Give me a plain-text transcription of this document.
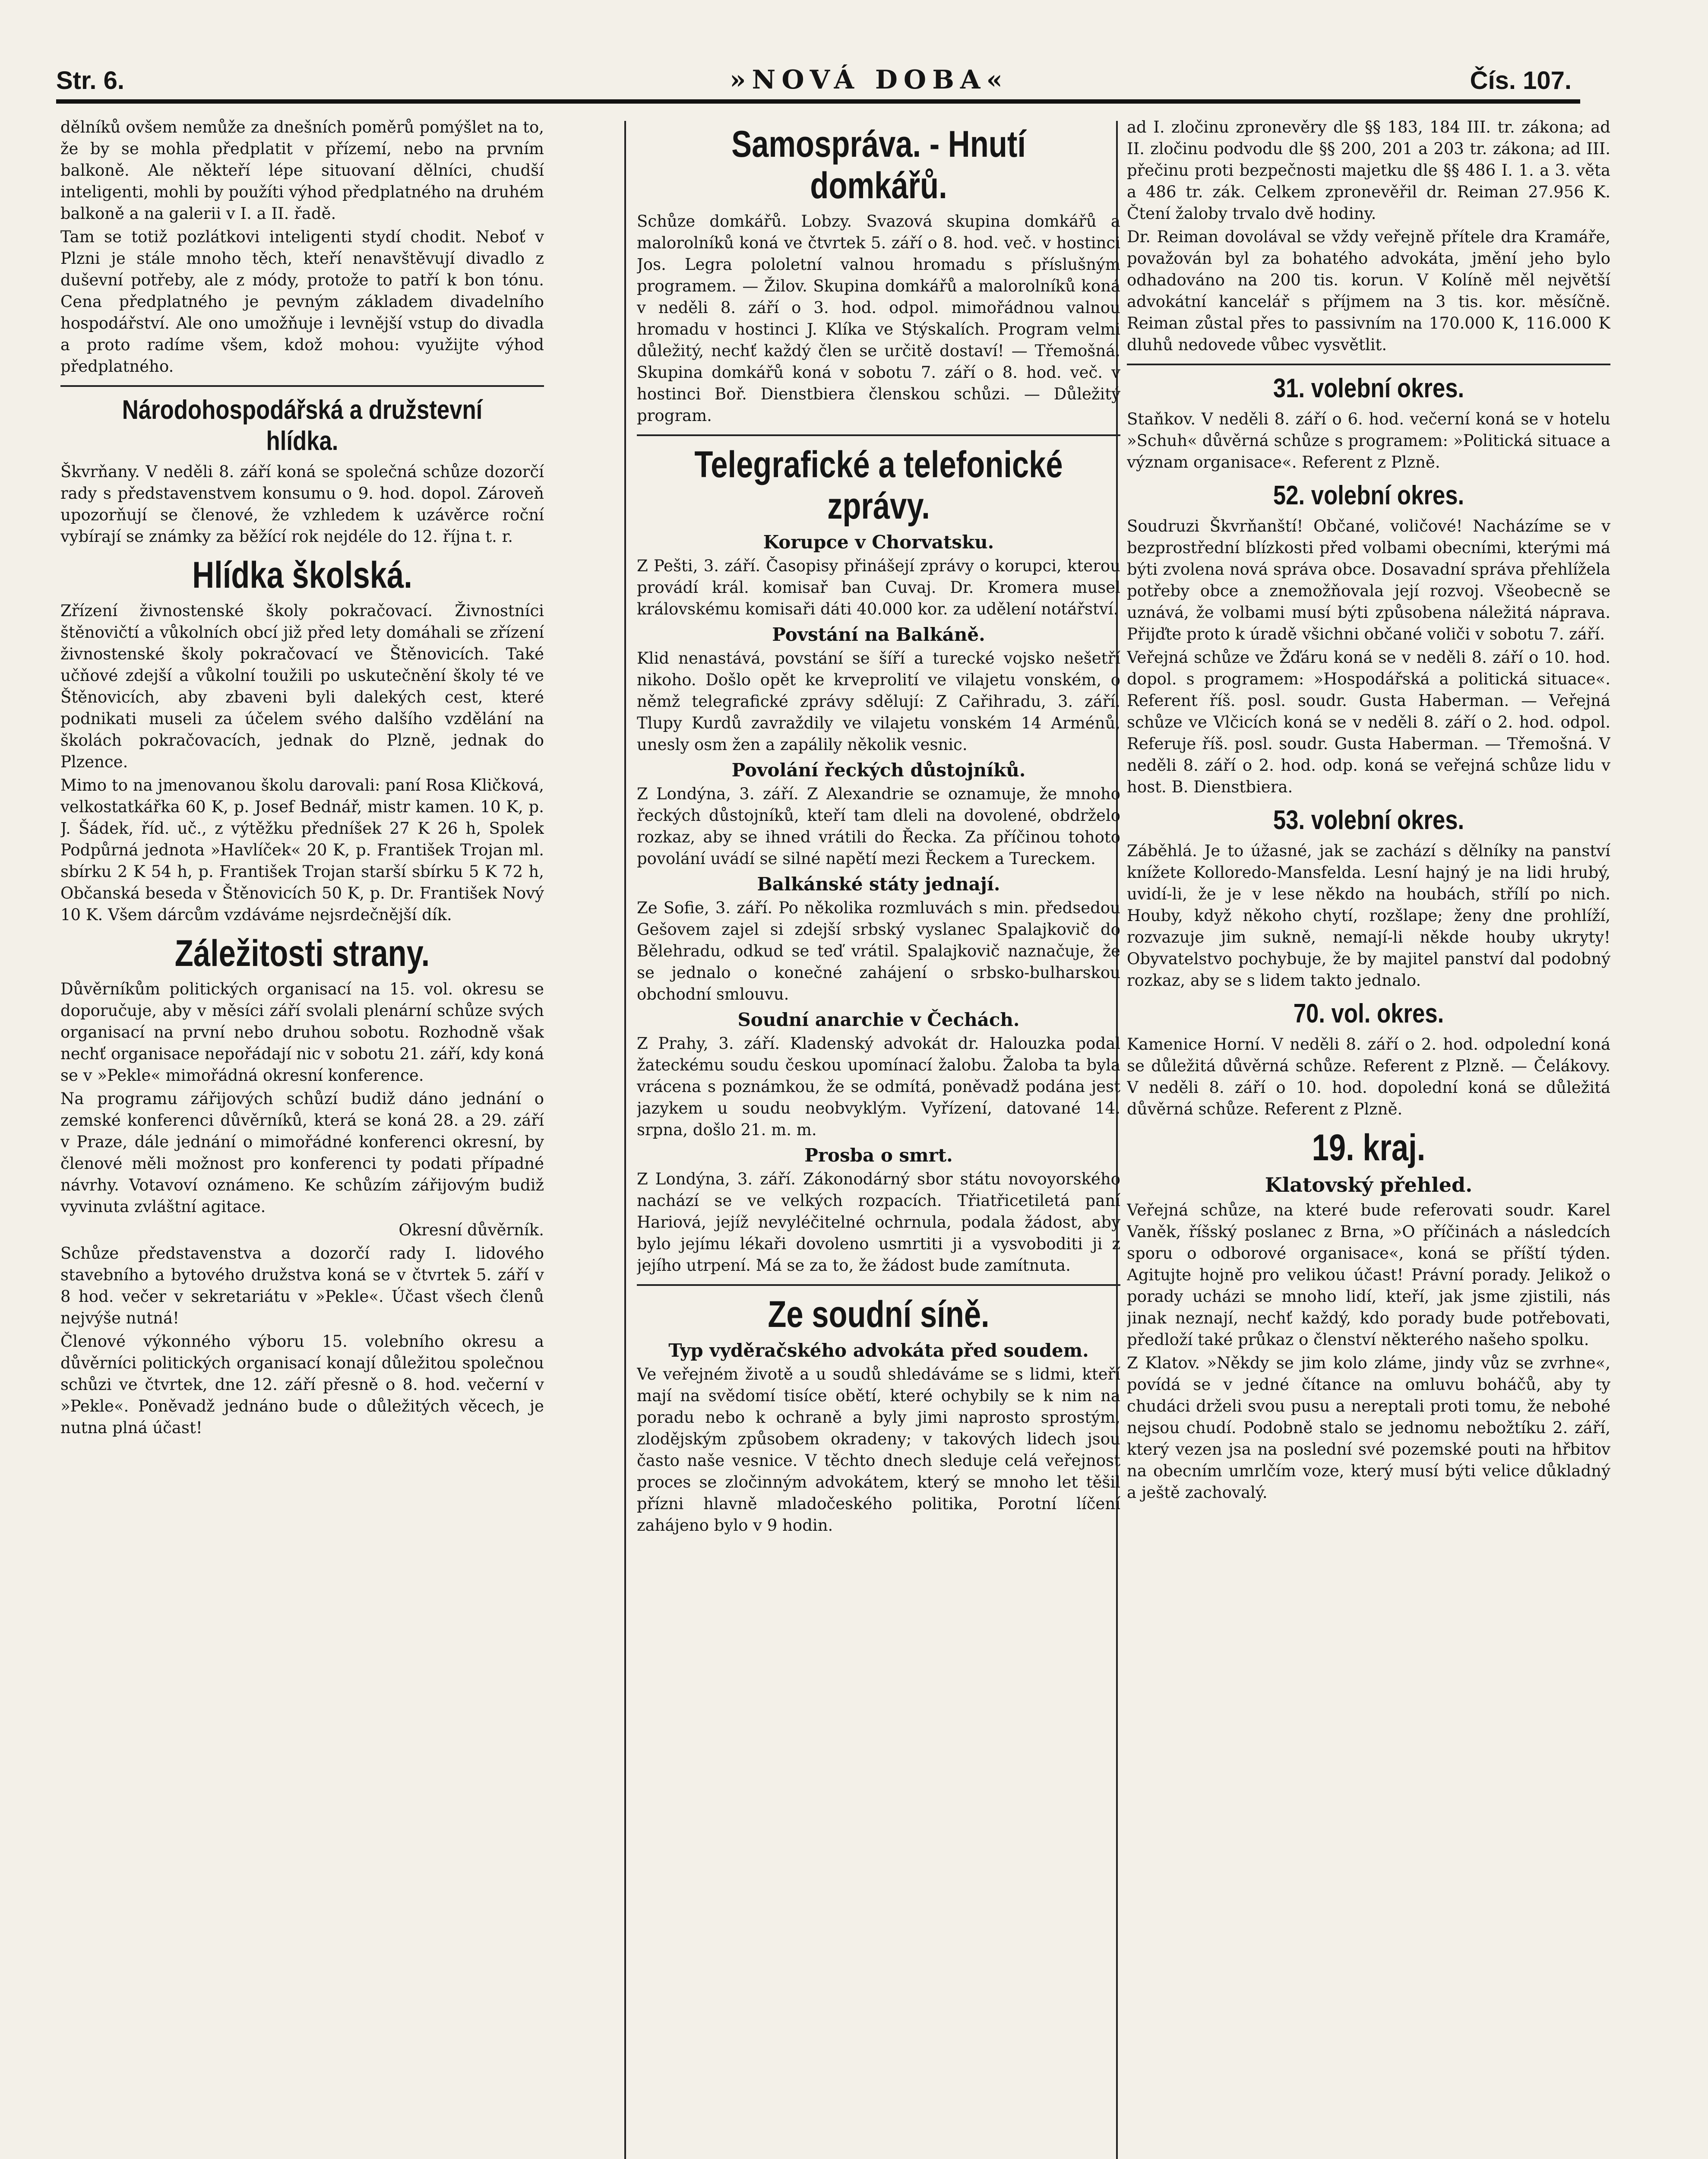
Str. 6.	»NOVÁ DOBA«	Čís. 107.

dělníků ovšem nemůže za dnešních poměrů pomýšlet na to, že by se mohla předplatit v přízemí, nebo na prvním balkoně. Ale někteří lépe situovaní dělníci, chudší inteligenti, mohli by použíti výhod předplatného na druhém balkoně a na galerii v I. a II. řadě.

Tam se totiž pozlátkovi inteligenti stydí chodit. Neboť v Plzni je stále mnoho těch, kteří nenavštěvují divadlo z duševní potřeby, ale z módy, protože to patří k bon tónu. Cena předplatného je pevným základem divadelního hospodářství. Ale ono umožňuje i levnější vstup do divadla a proto radíme všem, kdož mohou: využijte výhod předplatného.

Národohospodářská a družstevní hlídka.

Škvrňany. V neděli 8. září koná se společná schůze dozorčí rady s představenstvem konsumu o 9. hod. dopol. Zároveň upozorňují se členové, že vzhledem k uzávěrce roční vybírají se známky za běžící rok nejdéle do 12. října t. r.

Hlídka školská.

Zřízení živnostenské školy pokračovací. Živnostníci štěnovičtí a vůkolních obcí již před lety domáhali se zřízení živnostenské školy pokračovací ve Štěnovicích. Také učňové zdejší a vůkolní toužili po uskutečnění školy té ve Štěnovicích, aby zbaveni byli dalekých cest, které podnikati museli za účelem svého dalšího vzdělání na školách pokračovacích, jednak do Plzně, jednak do Plzence.

Mimo to na jmenovanou školu darovali: paní Rosa Kličková, velkostatkářka 60 K, p. Josef Bednář, mistr kamen. 10 K, p. J. Šádek, říd. uč., z výtěžku předníšek 27 K 26 h, Spolek Podpůrná jednota »Havlíček« 20 K, p. František Trojan ml. sbírku 2 K 54 h, p. František Trojan starší sbírku 5 K 72 h, Občanská beseda v Štěnovicích 50 K, p. Dr. František Nový 10 K. Všem dárcům vzdáváme nejsrdečnější dík.

Záležitosti strany.

Důvěrníkům politických organisací na 15. vol. okresu se doporučuje, aby v měsíci září svolali plenární schůze svých organisací na první nebo druhou sobotu. Rozhodně však nechť organisace nepořádají nic v sobotu 21. září, kdy koná se v »Pekle« mimořádná okresní konference.

Na programu zářijových schůzí budiž dáno jednání o zemské konferenci důvěrníků, která se koná 28. a 29. září v Praze, dále jednání o mimořádné konferenci okresní, by členové měli možnost pro konferenci ty podati případné návrhy. Votavoví oznámeno. Ke schůzím zářijovým budiž vyvinuta zvláštní agitace.

Okresní důvěrník.

Schůze představenstva a dozorčí rady I. lidového stavebního a bytového družstva koná se v čtvrtek 5. září v 8 hod. večer v sekretariátu v »Pekle«. Účast všech členů nejvýše nutná!

Členové výkonného výboru 15. volebního okresu a důvěrníci politických organisací konají důležitou společnou schůzi ve čtvrtek, dne 12. září přesně o 8. hod. večerní v »Pekle«. Poněvadž jednáno bude o důležitých věcech, je nutna plná účast!

Samospráva. - Hnutí domkářů.

Schůze domkářů. Lobzy. Svazová skupina domkářů a malorolníků koná ve čtvrtek 5. září o 8. hod. več. v hostinci Jos. Legra pololetní valnou hromadu s příslušným programem. — Žilov. Skupina domkářů a malorolníků koná v neděli 8. září o 3. hod. odpol. mimořádnou valnou hromadu v hostinci J. Klíka ve Stýskalích. Program velmi důležitý, nechť každý člen se určitě dostaví! — Třemošná. Skupina domkářů koná v sobotu 7. září o 8. hod. več. v hostinci Boř. Dienstbiera členskou schůzi. — Důležitý program.

Telegrafické a telefonické zprávy.
Korupce v Chorvatsku.

Z Pešti, 3. září. Časopisy přinášejí zprávy o korupci, kterou provádí král. komisař ban Cuvaj. Dr. Kromera musel královskému komisaři dáti 40.000 kor. za udělení notářství.

Povstání na Balkáně.

Klid nenastává, povstání se šíří a turecké vojsko nešetří nikoho. Došlo opět ke krveprolití ve vilajetu vonském, o němž telegrafické zprávy sdělují: Z Cařihradu, 3. září. Tlupy Kurdů zavraždily ve vilajetu vonském 14 Arménů, unesly osm žen a zapálily několik vesnic.

Povolání řeckých důstojníků.

Z Londýna, 3. září. Z Alexandrie se oznamuje, že mnoho řeckých důstojníků, kteří tam dleli na dovolené, obdrželo rozkaz, aby se ihned vrátili do Řecka. Za příčinou tohoto povolání uvádí se silné napětí mezi Řeckem a Tureckem.

Balkánské státy jednají.

Ze Sofie, 3. září. Po několika rozmluvách s min. předsedou Gešovem zajel si zdejší srbský vyslanec Spalajkovič do Bělehradu, odkud se teď vrátil. Spalajkovič naznačuje, že se jednalo o konečné zahájení o srbsko-bulharskou obchodní smlouvu.

Soudní anarchie v Čechách.

Z Prahy, 3. září. Kladenský advokát dr. Halouzka podal žateckému soudu českou upomínací žalobu. Žaloba ta byla vrácena s poznámkou, že se odmítá, poněvadž podána jest jazykem u soudu neobvyklým. Vyřízení, datované 14. srpna, došlo 21. m. m.

Prosba o smrt.

Z Londýna, 3. září. Zákonodárný sbor státu novoyorského nachází se ve velkých rozpacích. Třiatřicetiletá paní Hariová, jejíž nevyléčitelné ochrnula, podala žádost, aby bylo jejímu lékaři dovoleno usmrtiti ji a vysvoboditi ji z jejího utrpení. Má se za to, že žádost bude zamítnuta.

Ze soudní síně.
Typ vyděračského advokáta před soudem.

Ve veřejném životě a u soudů shledáváme se s lidmi, kteří mají na svědomí tisíce obětí, které ochybily se k nim na poradu nebo k ochraně a byly jimi naprosto sprostým, zlodějským způsobem okradeny; v takových lidech jsou často naše vesnice. V těchto dnech sleduje celá veřejnost proces se zločinným advokátem, který se mnoho let těšil přízni hlavně mladočeského politika, Porotní líčení zahájeno bylo v 9 hodin.

ad I. zločinu zpronevěry dle §§ 183, 184 III. tr. zákona; ad II. zločinu podvodu dle §§ 200, 201 a 203 tr. zákona; ad III. přečinu proti bezpečnosti majetku dle §§ 486 I. 1. a 3. věta a 486 tr. zák. Celkem zpronevěřil dr. Reiman 27.956 K. Čtení žaloby trvalo dvě hodiny.

Dr. Reiman dovolával se vždy veřejně přítele dra Kramáře, považován byl za bohatého advokáta, jmění jeho bylo odhadováno na 200 tis. korun. V Kolíně měl největší advokátní kancelář s příjmem na 3 tis. kor. měsíčně. Reiman zůstal přes to passivním na 170.000 K, 116.000 K dluhů nedovede vůbec vysvětlit.

31. volební okres.

Staňkov. V neděli 8. září o 6. hod. večerní koná se v hotelu »Schuh« důvěrná schůze s programem: »Politická situace a význam organisace«. Referent z Plzně.

52. volební okres.

Soudruzi Škvrňanští! Občané, voličové! Nacházíme se v bezprostřední blízkosti před volbami obecními, kterými má býti zvolena nová správa obce. Dosavadní správa přehlížela potřeby obce a znemožňovala její rozvoj. Všeobecně se uznává, že volbami musí býti způsobena náležitá náprava. Přijďte proto k úradě všichni občané voliči v sobotu 7. září.

Veřejná schůze ve Žďáru koná se v neděli 8. září o 10. hod. dopol. s programem: »Hospodářská a politická situace«. Referent říš. posl. soudr. Gusta Haberman. — Veřejná schůze ve Vlčicích koná se v neděli 8. září o 2. hod. odpol. Referuje říš. posl. soudr. Gusta Haberman. — Třemošná. V neděli 8. září o 2. hod. odp. koná se veřejná schůze lidu v host. B. Dienstbiera.

53. volební okres.

Záběhlá. Je to úžasné, jak se zachází s dělníky na panství knížete Kolloredo-Mansfelda. Lesní hajný je na lidi hrubý, uvidí-li, že je v lese někdo na houbách, střílí po nich. Houby, když někoho chytí, rozšlape; ženy dne prohlíží, rozvazuje jim sukně, nemají-li někde houby ukryty! Obyvatelstvo pochybuje, že by majitel panství dal podobný rozkaz, aby se s lidem takto jednalo.

70. vol. okres.

Kamenice Horní. V neděli 8. září o 2. hod. odpolední koná se důležitá důvěrná schůze. Referent z Plzně. — Čelákovy. V neděli 8. září o 10. hod. dopolední koná se důležitá důvěrná schůze. Referent z Plzně.

19. kraj.
Klatovský přehled.

Veřejná schůze, na které bude referovati soudr. Karel Vaněk, říšský poslanec z Brna, »O příčinách a následcích sporu o odborové organisace«, koná se příští týden. Agitujte hojně pro velikou účast! Právní porady. Jelikož o porady ucházi se mnoho lidí, kteří, jak jsme zjistili, nás jinak neznají, nechť každý, kdo porady bude potřebovati, předloží také průkaz o členství některého našeho spolku.

Z Klatov. »Někdy se jim kolo zláme, jindy vůz se zvrhne«, povídá se v jedné čítance na omluvu boháčů, aby ty chudáci drželi svou pusu a nereptali proti tomu, že nebohé nejsou chudí. Podobně stalo se jednomu nebožtíku 2. září, který vezen jsa na poslední své pozemské pouti na hřbitov na obecním umrlčím voze, který musí býti velice důkladný a ještě zachovalý.
